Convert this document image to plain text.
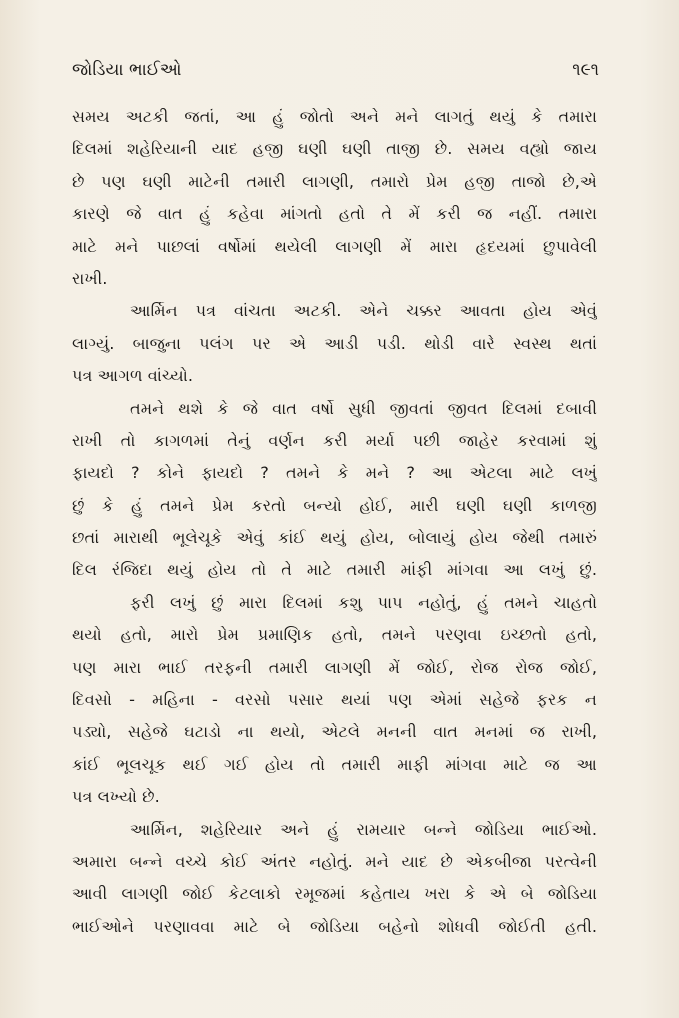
જોડિયા ભાઈઓ	૧૯૧
સમય અટકી જતાં, આ હું જોતો અને મને લાગતું થયું કે તમારા
દિલમાં શહેરિયાની યાદ હજી ઘણી ઘણી તાજી છે. સમય વહ્યો જાય
છે પણ ઘણી માટેની તમારી લાગણી, તમારો પ્રેમ હજી તાજો છે,એ
કારણે જે વાત હું કહેવા માંગતો હતો તે મેં કરી જ નહીં. તમારા
માટે મને પાછલાં વર્ષોમાં થયેલી લાગણી મેં મારા હૃદયમાં છુપાવેલી
રાખી.
આર્મિન પત્ર વાંચતા અટકી. એને ચક્કર આવતા હોય એવું
લાગ્યું. બાજુના પલંગ પર એ આડી પડી. થોડી વારે સ્વસ્થ થતાં
પત્ર આગળ વાંચ્યો.
તમને થશે કે જે વાત વર્ષો સુધી જીવતાં જીવત દિલમાં દબાવી
રાખી તો કાગળમાં તેનું વર્ણન કરી મર્યા પછી જાહેર કરવામાં શું
ફાયદો ? કોને ફાયદો ? તમને કે મને ? આ એટલા માટે લખું
છું કે હું તમને પ્રેમ કરતો બન્યો હોઈ, મારી ઘણી ઘણી કાળજી
છતાં મારાથી ભૂલેચૂકે એવું કાંઈ થયું હોય, બોલાયું હોય જેથી તમારું
દિલ રંજિદા થયું હોય તો તે માટે તમારી માંફી માંગવા આ લખું છું.
ફરી લખું છું મારા દિલમાં કશુ પાપ નહોતું, હું તમને ચાહતો
થયો હતો, મારો પ્રેમ પ્રમાણિક હતો, તમને પરણવા ઇચ્છતો હતો,
પણ મારા ભાઈ તરફની તમારી લાગણી મેં જોઈ, રોજ રોજ જોઈ,
દિવસો - મહિના - વરસો પસાર થયાં પણ એમાં સહેજે ફરક ન
પડ્યો, સહેજે ઘટાડો ના થયો, એટલે મનની વાત મનમાં જ રાખી,
કાંઈ ભૂલચૂક થઈ ગઈ હોય તો તમારી માફી માંગવા માટે જ આ
પત્ર લખ્યો છે.
આર્મિન, શહેરિયાર અને હું રામયાર બન્ને જોડિયા ભાઈઓ.
અમારા બન્ને વચ્ચે કોઈ અંતર નહોતું. મને યાદ છે એકબીજા પરત્વેની
આવી લાગણી જોઈ કેટલાકો રમૂજમાં કહેતાય ખરા કે એ બે જોડિયા
ભાઈઓને પરણાવવા માટે બે જોડિયા બહેનો શોધવી જોઈતી હતી.
